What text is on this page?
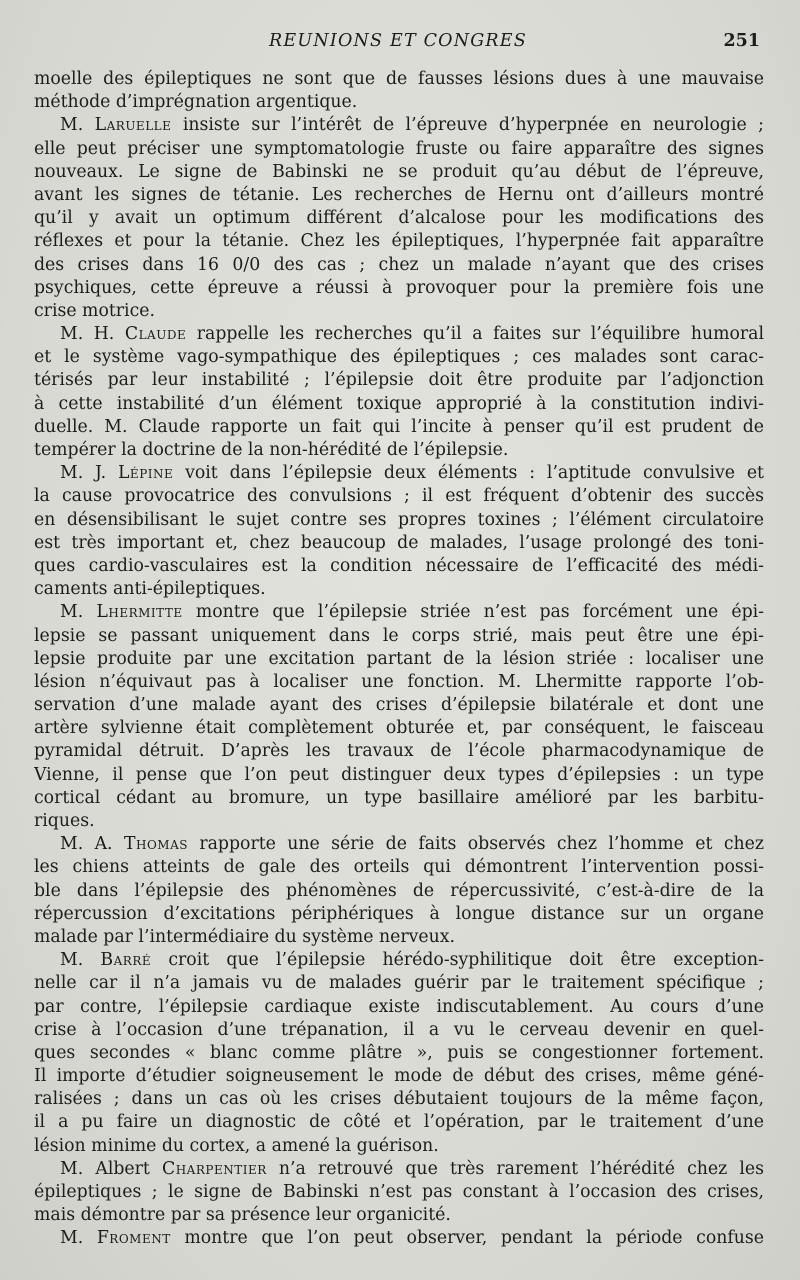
REUNIONS ET CONGRES	251
moelle des épileptiques ne sont que de fausses lésions dues à une mauvaise
méthode d’imprégnation argentique.
M. Laruelle insiste sur l’intérêt de l’épreuve d’hyperpnée en neurologie ;
elle peut préciser une symptomatologie fruste ou faire apparaître des signes
nouveaux. Le signe de Babinski ne se produit qu’au début de l’épreuve,
avant les signes de tétanie. Les recherches de Hernu ont d’ailleurs montré
qu’il y avait un optimum différent d’alcalose pour les modifications des
réflexes et pour la tétanie. Chez les épileptiques, l’hyperpnée fait apparaître
des crises dans 16 0/0 des cas ; chez un malade n’ayant que des crises
psychiques, cette épreuve a réussi à provoquer pour la première fois une
crise motrice.
M. H. Claude rappelle les recherches qu’il a faites sur l’équilibre humoral
et le système vago-sympathique des épileptiques ; ces malades sont carac-
térisés par leur instabilité ; l’épilepsie doit être produite par l’adjonction
à cette instabilité d’un élément toxique approprié à la constitution indivi-
duelle. M. Claude rapporte un fait qui l’incite à penser qu’il est prudent de
tempérer la doctrine de la non-hérédité de l’épilepsie.
M. J. Lépine voit dans l’épilepsie deux éléments : l’aptitude convulsive et
la cause provocatrice des convulsions ; il est fréquent d’obtenir des succès
en désensibilisant le sujet contre ses propres toxines ; l’élément circulatoire
est très important et, chez beaucoup de malades, l’usage prolongé des toni-
ques cardio-vasculaires est la condition nécessaire de l’efficacité des médi-
caments anti-épileptiques.
M. Lhermitte montre que l’épilepsie striée n’est pas forcément une épi-
lepsie se passant uniquement dans le corps strié, mais peut être une épi-
lepsie produite par une excitation partant de la lésion striée : localiser une
lésion n’équivaut pas à localiser une fonction. M. Lhermitte rapporte l’ob-
servation d’une malade ayant des crises d’épilepsie bilatérale et dont une
artère sylvienne était complètement obturée et, par conséquent, le faisceau
pyramidal détruit. D’après les travaux de l’école pharmacodynamique de
Vienne, il pense que l’on peut distinguer deux types d’épilepsies : un type
cortical cédant au bromure, un type basillaire amélioré par les barbitu-
riques.
M. A. Thomas rapporte une série de faits observés chez l’homme et chez
les chiens atteints de gale des orteils qui démontrent l’intervention possi-
ble dans l’épilepsie des phénomènes de répercussivité, c’est-à-dire de la
répercussion d’excitations périphériques à longue distance sur un organe
malade par l’intermédiaire du système nerveux.
M. Barré croit que l’épilepsie hérédo-syphilitique doit être exception-
nelle car il n’a jamais vu de malades guérir par le traitement spécifique ;
par contre, l’épilepsie cardiaque existe indiscutablement. Au cours d’une
crise à l’occasion d’une trépanation, il a vu le cerveau devenir en quel-
ques secondes « blanc comme plâtre », puis se congestionner fortement.
Il importe d’étudier soigneusement le mode de début des crises, même géné-
ralisées ; dans un cas où les crises débutaient toujours de la même façon,
il a pu faire un diagnostic de côté et l’opération, par le traitement d’une
lésion minime du cortex, a amené la guérison.
M. Albert Charpentier n’a retrouvé que très rarement l’hérédité chez les
épileptiques ; le signe de Babinski n’est pas constant à l’occasion des crises,
mais démontre par sa présence leur organicité.
M. Froment montre que l’on peut observer, pendant la période confuse
